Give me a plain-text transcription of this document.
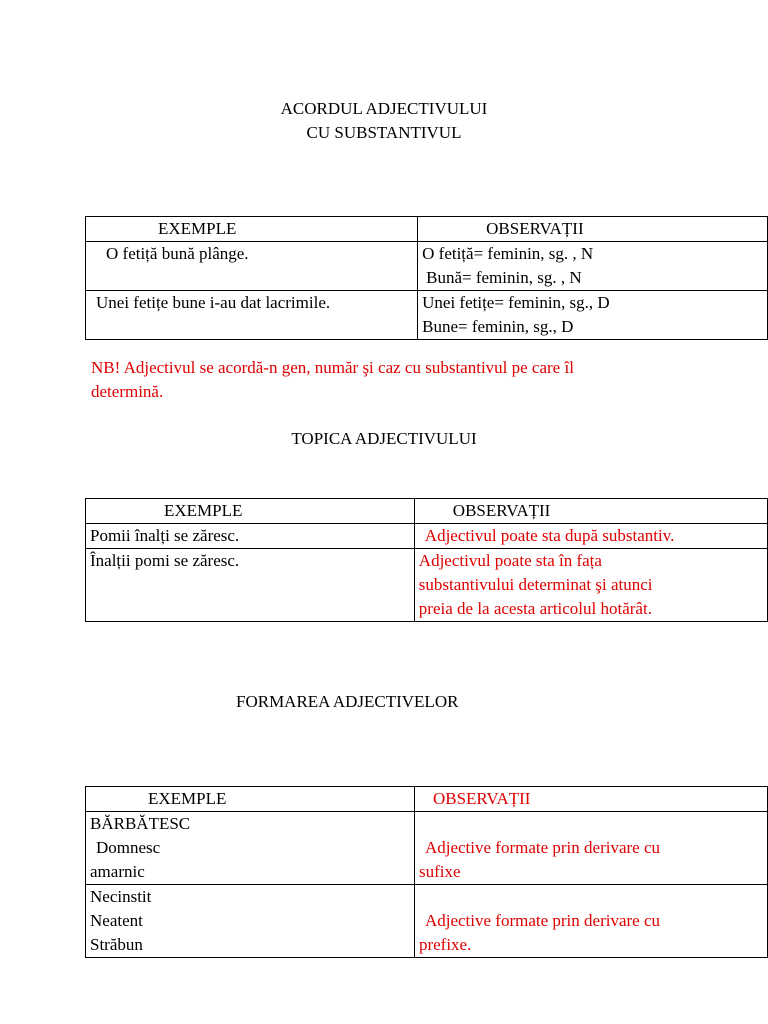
ACORDUL ADJECTIVULUI
CU SUBSTANTIVUL
EXEMPLE	OBSERVAȚII

O fetiță bună plânge.	O fetiță= feminin, sg. , N
Bună= feminin, sg. , N

Unei fetițe bune i-au dat lacrimile.	Unei fetițe= feminin, sg., D
Bune= feminin, sg., D
NB! Adjectivul se acordă-n gen, număr şi caz cu substantivul pe care îl
determină.
TOPICA ADJECTIVULUI
EXEMPLE	OBSERVAȚII

Pomii înalți se zăresc.	Adjectivul poate sta după substantiv.

Înalții pomi se zăresc.	Adjectivul poate sta în fața
substantivului determinat şi atunci
preia de la acesta articolul hotărât.
FORMAREA ADJECTIVELOR
EXEMPLE	OBSERVAȚII

BĂRBĂTESC
Domnesc
amarnic	Adjective formate prin derivare cu
sufixe

Necinstit
Neatent
Străbun	Adjective formate prin derivare cu
prefixe.
